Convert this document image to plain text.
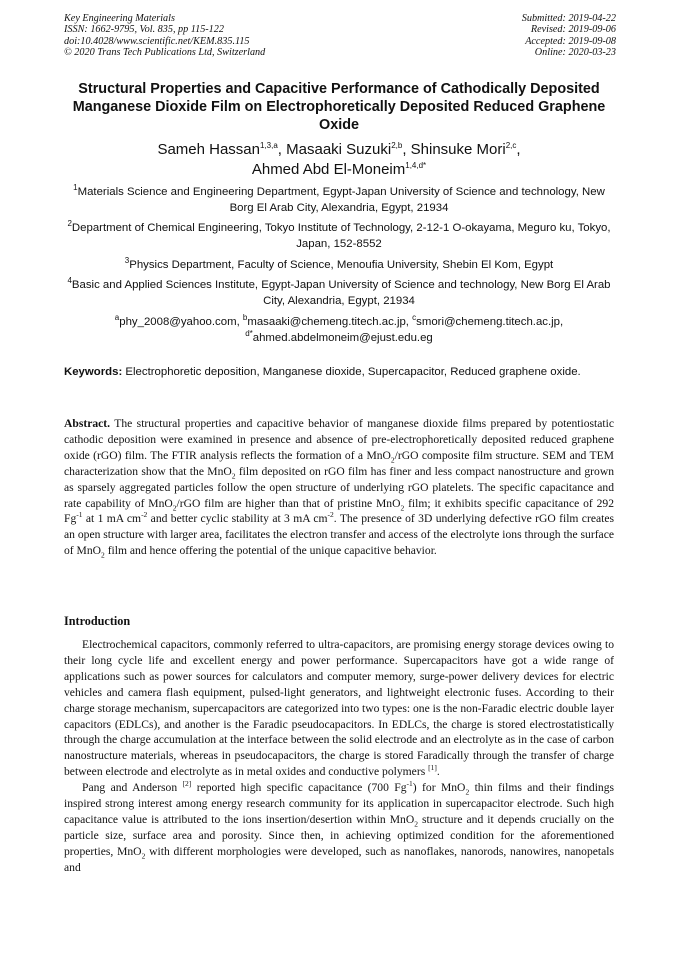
Key Engineering Materials
ISSN: 1662-9795, Vol. 835, pp 115-122
doi:10.4028/www.scientific.net/KEM.835.115
© 2020 Trans Tech Publications Ltd, Switzerland
Submitted: 2019-04-22
Revised: 2019-09-06
Accepted: 2019-09-08
Online: 2020-03-23
Structural Properties and Capacitive Performance of Cathodically Deposited Manganese Dioxide Film on Electrophoretically Deposited Reduced Graphene Oxide
Sameh Hassan$^{1,3,a}$, Masaaki Suzuki$^{2,b}$, Shinsuke Mori$^{2,c}$,
Ahmed Abd El-Moneim$^{1,4,d*}$
$^1$Materials Science and Engineering Department, Egypt-Japan University of Science and technology, New Borg El Arab City, Alexandria, Egypt, 21934
$^2$Department of Chemical Engineering, Tokyo Institute of Technology, 2-12-1 O-okayama, Meguro ku, Tokyo, Japan, 152-8552
$^3$Physics Department, Faculty of Science, Menoufia University, Shebin El Kom, Egypt
$^4$Basic and Applied Sciences Institute, Egypt-Japan University of Science and technology, New Borg El Arab City, Alexandria, Egypt, 21934
$^a$phy_2008@yahoo.com, $^b$masaaki@chemeng.titech.ac.jp, $^c$smori@chemeng.titech.ac.jp,
$^{d*}$ahmed.abdelmoneim@ejust.edu.eg
Keywords: Electrophoretic deposition, Manganese dioxide, Supercapacitor, Reduced graphene oxide.
Abstract. The structural properties and capacitive behavior of manganese dioxide films prepared by potentiostatic cathodic deposition were examined in presence and absence of pre-electrophoretically deposited reduced graphene oxide (rGO) film. The FTIR analysis reflects the formation of a MnO$_2$/rGO composite film structure. SEM and TEM characterization show that the MnO$_2$ film deposited on rGO film has finer and less compact nanostructure and grown as sparsely aggregated particles follow the open structure of underlying rGO platelets. The specific capacitance and rate capability of MnO$_2$/rGO film are higher than that of pristine MnO$_2$ film; it exhibits specific capacitance of 292 $Fg^{-1}$ at 1 mA $cm^{-2}$ and better cyclic stability at 3 mA $cm^{-2}$. The presence of 3D underlying defective rGO film creates an open structure with larger area, facilitates the electron transfer and access of the electrolyte ions through the surface of MnO$_2$ film and hence offering the potential of the unique capacitive behavior.
Introduction

Electrochemical capacitors, commonly referred to ultra-capacitors, are promising energy storage devices owing to their long cycle life and excellent energy and power performance. Supercapacitors have got a wide range of applications such as power sources for calculators and computer memory, surge-power delivery devices for electric vehicles and camera flash equipment, pulsed-light generators, and lightweight electronic fuses. According to their charge storage mechanism, supercapacitors are categorized into two types: one is the non-Faradic electric double layer capacitors (EDLCs), and another is the Faradic pseudocapacitors. In EDLCs, the charge is stored electrostatistically through the charge accumulation at the interface between the solid electrode and an electrolyte as in the case of carbon nanostructure materials, whereas in pseudocapacitors, the charge is stored Faradically through the transfer of charge between electrode and electrolyte as in metal oxides and conductive polymers [1].

Pang and Anderson [2] reported high specific capacitance (700 $Fg^{-1}$) for MnO$_2$ thin films and their findings inspired strong interest among energy research community for its application in supercapacitor electrode. Such high capacitance value is attributed to the ions insertion/desertion within MnO$_2$ structure and it depends crucially on the particle size, surface area and porosity. Since then, in achieving optimized condition for the aforementioned properties, MnO$_2$ with different morphologies were developed, such as nanoflakes, nanorods, nanowires, nanopetals and
